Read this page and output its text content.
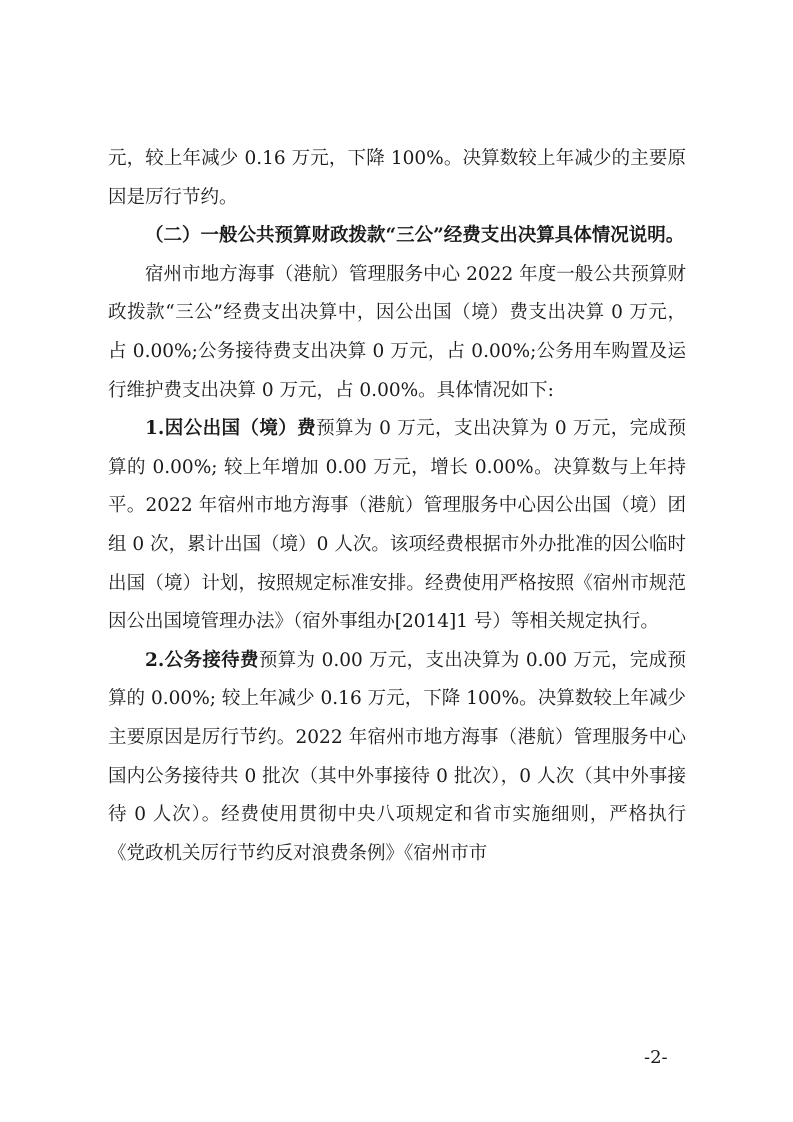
元，较上年减少 0.16 万元，下降 100%。决算数较上年减少的主要原因是厉行节约。

（二）一般公共预算财政拨款“三公”经费支出决算具体情况说明。

宿州市地方海事（港航）管理服务中心 2022 年度一般公共预算财政拨款“三公”经费支出决算中，因公出国（境）费支出决算 0 万元，占 0.00%;公务接待费支出决算 0 万元，占 0.00%;公务用车购置及运行维护费支出决算 0 万元，占 0.00%。具体情况如下:

1.因公出国（境）费预算为 0 万元，支出决算为 0 万元，完成预算的 0.00%; 较上年增加 0.00 万元，增长 0.00%。决算数与上年持平。2022 年宿州市地方海事（港航）管理服务中心因公出国（境）团组 0 次，累计出国（境）0 人次。该项经费根据市外办批准的因公临时出国（境）计划，按照规定标准安排。经费使用严格按照《宿州市规范因公出国境管理办法》（宿外事组办[2014]1 号）等相关规定执行。

2.公务接待费预算为 0.00 万元，支出决算为 0.00 万元，完成预算的 0.00%; 较上年减少 0.16 万元，下降 100%。决算数较上年减少主要原因是厉行节约。2022 年宿州市地方海事（港航）管理服务中心国内公务接待共 0 批次（其中外事接待 0 批次），0 人次（其中外事接待 0 人次）。经费使用贯彻中央八项规定和省市实施细则，严格执行《党政机关厉行节约反对浪费条例》《宿州市市

-2-
